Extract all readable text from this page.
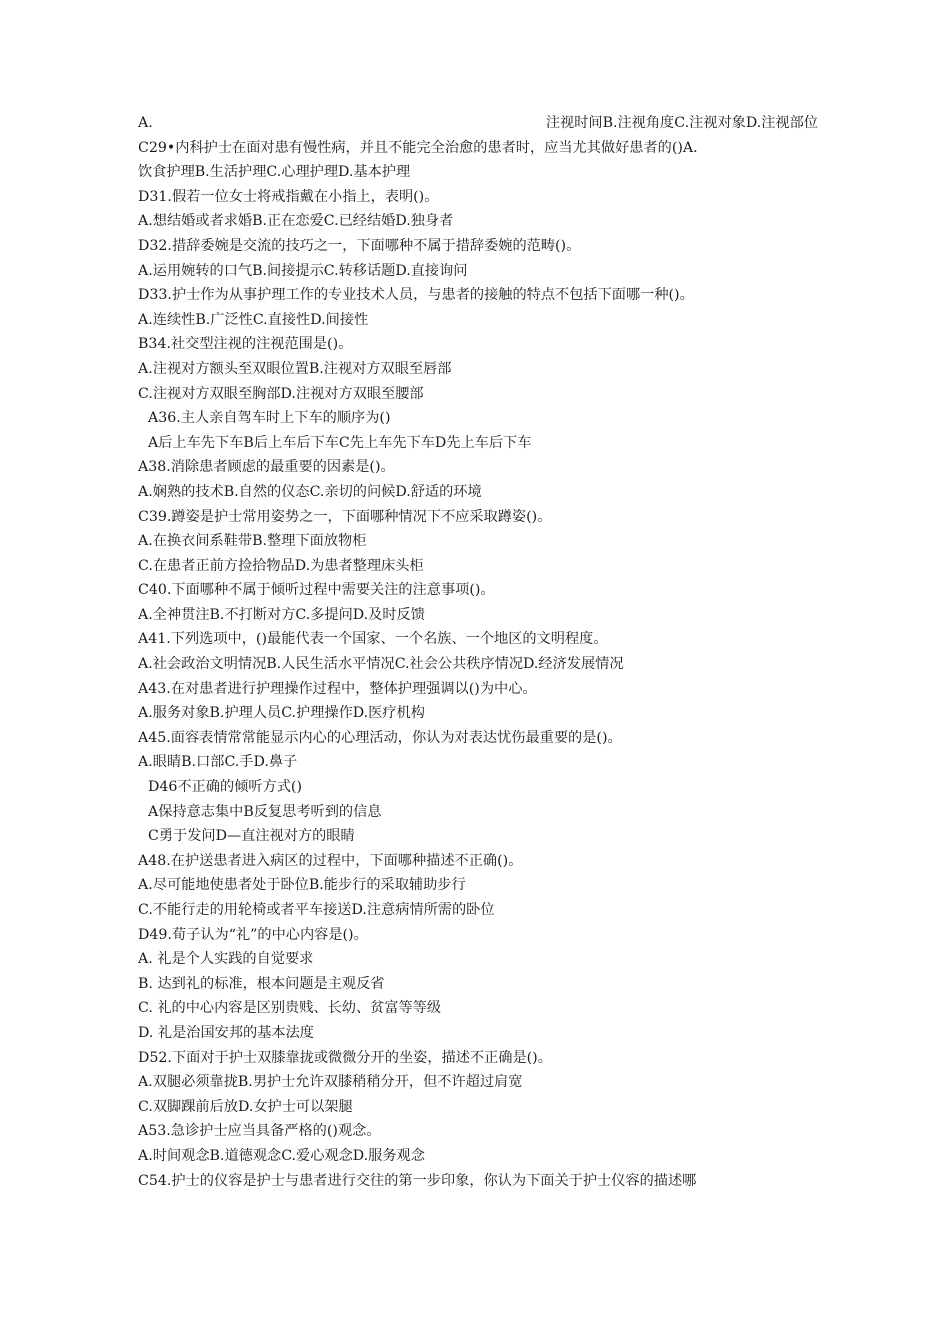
A.	注视时间B.注视角度C.注视对象D.注视部位
C29•内科护士在面对患有慢性病，并且不能完全治愈的患者时，应当尤其做好患者的()A.
饮食护理B.生活护理C.心理护理D.基本护理
D31.假若一位女士将戒指戴在小指上，表明()。
A.想结婚或者求婚B.正在恋爱C.已经结婚D.独身者
D32.措辞委婉是交流的技巧之一，下面哪种不属于措辞委婉的范畴()。
A.运用婉转的口气B.间接提示C.转移话题D.直接询问
D33.护士作为从事护理工作的专业技术人员，与患者的接触的特点不包括下面哪一种()。
A.连续性B.广泛性C.直接性D.间接性
B34.社交型注视的注视范围是()。
A.注视对方额头至双眼位置B.注视对方双眼至唇部
C.注视对方双眼至胸部D.注视对方双眼至腰部
A36.主人亲自驾车时上下车的顺序为()
A后上车先下车B后上车后下车C先上车先下车D先上车后下车
A38.消除患者顾虑的最重要的因素是()。
A.娴熟的技术B.自然的仪态C.亲切的问候D.舒适的环境
C39.蹲姿是护士常用姿势之一，下面哪种情况下不应采取蹲姿()。
A.在换衣间系鞋带B.整理下面放物柜
C.在患者正前方捡拾物品D.为患者整理床头柜
C40.下面哪种不属于倾听过程中需要关注的注意事项()。
A.全神贯注B.不打断对方C.多提问D.及时反馈
A41.下列选项中，()最能代表一个国家、一个名族、一个地区的文明程度。
A.社会政治文明情况B.人民生活水平情况C.社会公共秩序情况D.经济发展情况
A43.在对患者进行护理操作过程中，整体护理强调以()为中心。
A.服务对象B.护理人员C.护理操作D.医疗机构
A45.面容表情常常能显示内心的心理活动，你认为对表达忧伤最重要的是()。
A.眼睛B.口部C.手D.鼻子
D46不正确的倾听方式()
A保持意志集中B反复思考听到的信息
C勇于发问D—直注视对方的眼睛
A48.在护送患者进入病区的过程中，下面哪种描述不正确()。
A.尽可能地使患者处于卧位B.能步行的采取辅助步行
C.不能行走的用轮椅或者平车接送D.注意病情所需的卧位
D49.荀子认为“礼”的中心内容是()。
A. 礼是个人实践的自觉要求
B. 达到礼的标准，根本问题是主观反省
C. 礼的中心内容是区别贵贱、长幼、贫富等等级
D. 礼是治国安邦的基本法度
D52.下面对于护士双膝靠拢或微微分开的坐姿，描述不正确是()。
A.双腿必须靠拢B.男护士允许双膝稍稍分开，但不许超过肩宽
C.双脚踝前后放D.女护士可以架腿
A53.急诊护士应当具备严格的()观念。
A.时间观念B.道德观念C.爱心观念D.服务观念
C54.护士的仪容是护士与患者进行交往的第一步印象，你认为下面关于护士仪容的描述哪
